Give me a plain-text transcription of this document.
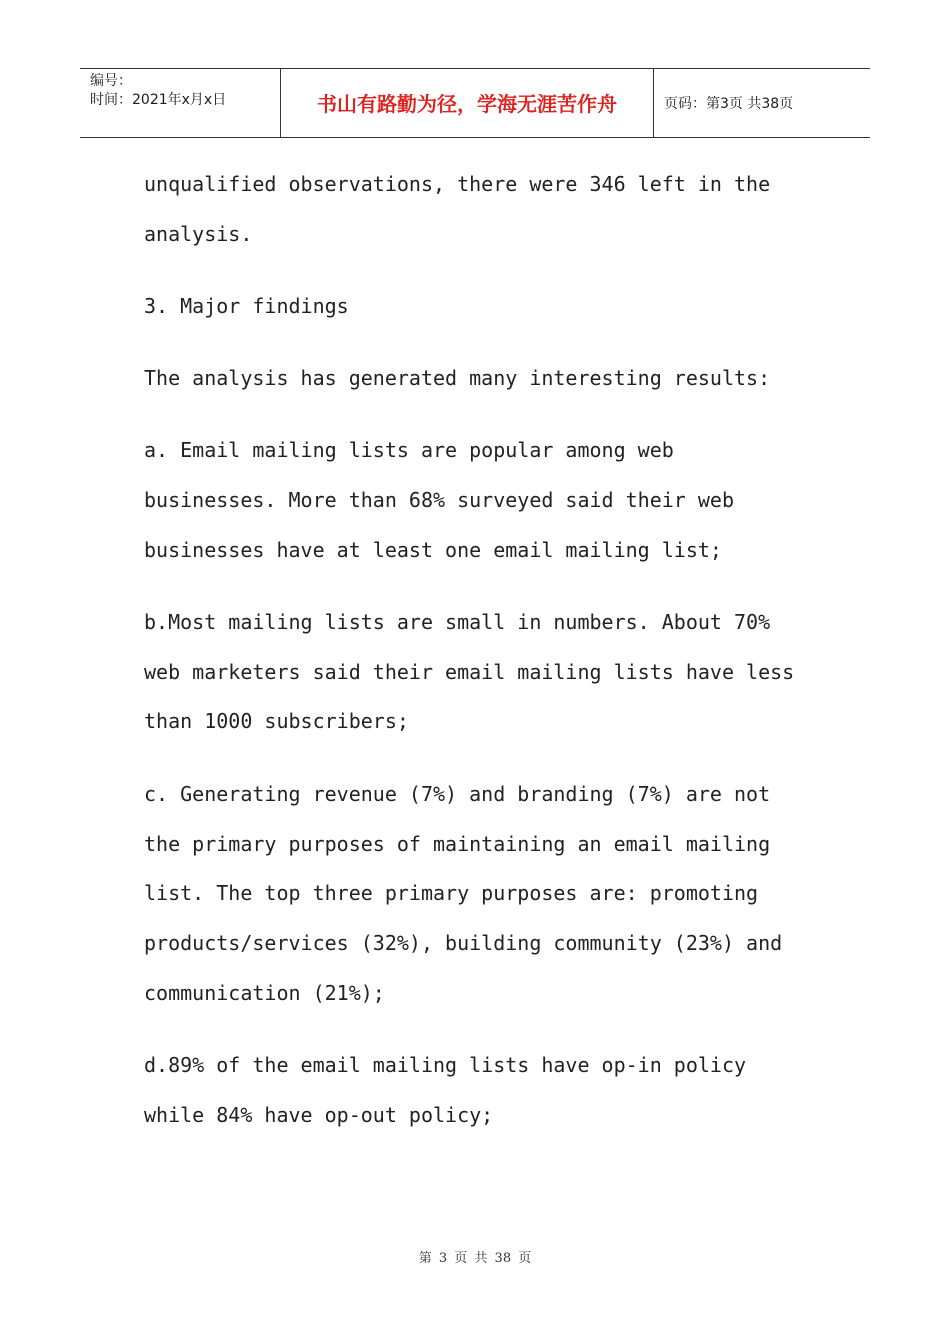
编号：
时间：2021年x月x日	书山有路勤为径，学海无涯苦作舟	页码：第3页 共38页
unqualified observations, there were 346 left in the
analysis.
3. Major findings
The analysis has generated many interesting results:
a. Email mailing lists are popular among web
businesses. More than 68% surveyed said their web
businesses have at least one email mailing list;
b.Most mailing lists are small in numbers. About 70%
web marketers said their email mailing lists have less
than 1000 subscribers;
c. Generating revenue (7%) and branding (7%) are not
the primary purposes of maintaining an email mailing
list. The top three primary purposes are: promoting
products/services (32%), building community (23%) and
communication (21%);
d.89% of the email mailing lists have op-in policy
while 84% have op-out policy;
第 3 页 共 38 页
